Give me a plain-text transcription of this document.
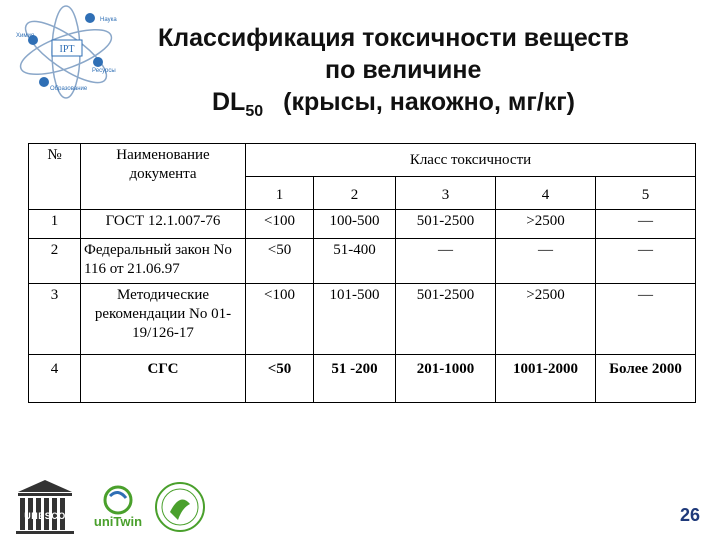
IPT
Наука
Химия
Ресурсы
Образование
Классификация токсичности веществ
по величине
$DL_{50}$ (крысы, накожно, мг/кг)
№	Наименование документа	Класс токсичности				
		1	2	3	4	5
1	ГОСТ 12.1.007-76	<100	100-500	501-2500	>2500	—
2	Федеральный закон No 116 от 21.06.97	<50	51-400	—	—	—
3	Методические рекомендации No 01-19/126-17	<100	101-500	501-2500	>2500	—
4	СГС	<50	51 -200	201-1000	1001-2000	Более 2000
UNESCO uniTwin	26
